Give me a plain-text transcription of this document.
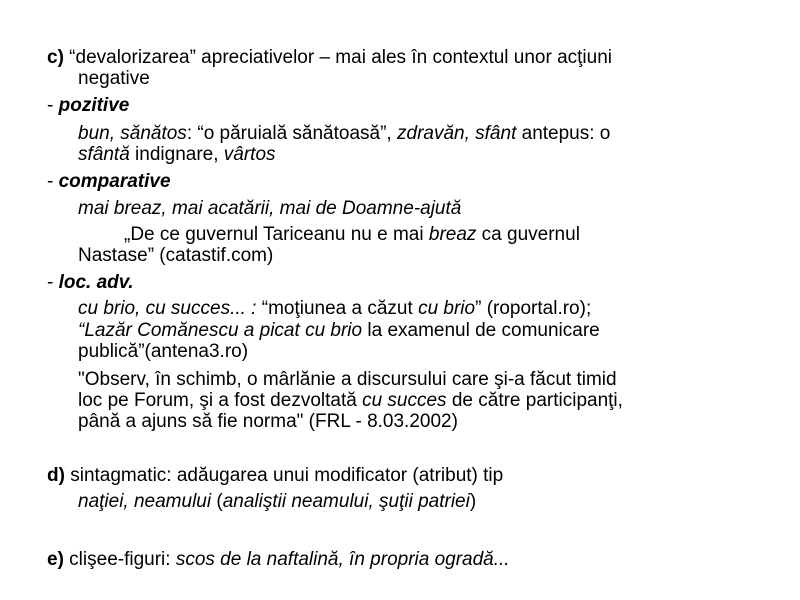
c) “devalorizarea” apreciativelor – mai ales în contextul unor acţiuni
negative
- pozitive
bun, sănătos: “o păruială sănătoasă”, zdravăn, sfânt antepus: o
sfântă indignare, vârtos
- comparative
mai breaz, mai acatării, mai de Doamne-ajută
„De ce guvernul Tariceanu nu e mai breaz ca guvernul
Nastase” (catastif.com)
- loc. adv.
cu brio, cu succes... : “moţiunea a căzut cu brio” (roportal.ro);
“Lazăr Comănescu a picat cu brio la examenul de comunicare
publică”(antena3.ro)
"Observ, în schimb, o mârlănie a discursului care şi-a făcut timid
loc pe Forum, şi a fost dezvoltată cu succes de către participanţi,
până a ajuns să fie norma" (FRL - 8.03.2002)
d) sintagmatic: adăugarea unui modificator (atribut) tip
naţiei, neamului (analiştii neamului, şuţii patriei)
e) clişee-figuri: scos de la naftalină, în propria ogradă...
